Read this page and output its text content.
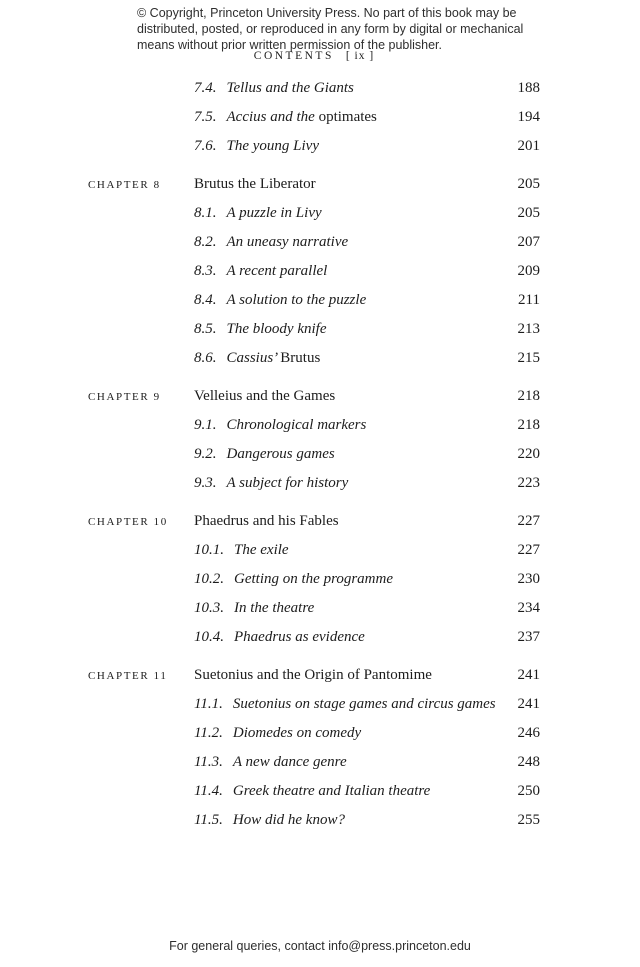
© Copyright, Princeton University Press. No part of this book may be
distributed, posted, or reproduced in any form by digital or mechanical
means without prior written permission of the publisher.
CONTENTS [ ix ]
7.4. Tellus and the Giants	188
7.5. Accius and the optimates	194
7.6. The young Livy	201
CHAPTER 8	Brutus the Liberator	205
8.1. A puzzle in Livy	205
8.2. An uneasy narrative	207
8.3. A recent parallel	209
8.4. A solution to the puzzle	211
8.5. The bloody knife	213
8.6. Cassius’ Brutus	215
CHAPTER 9	Velleius and the Games	218
9.1. Chronological markers	218
9.2. Dangerous games	220
9.3. A subject for history	223
CHAPTER 10	Phaedrus and his Fables	227
10.1. The exile	227
10.2. Getting on the programme	230
10.3. In the theatre	234
10.4. Phaedrus as evidence	237
CHAPTER 11	Suetonius and the Origin of Pantomime	241
11.1. Suetonius on stage games and circus games	241
11.2. Diomedes on comedy	246
11.3. A new dance genre	248
11.4. Greek theatre and Italian theatre	250
11.5. How did he know?	255
For general queries, contact info@press.princeton.edu
